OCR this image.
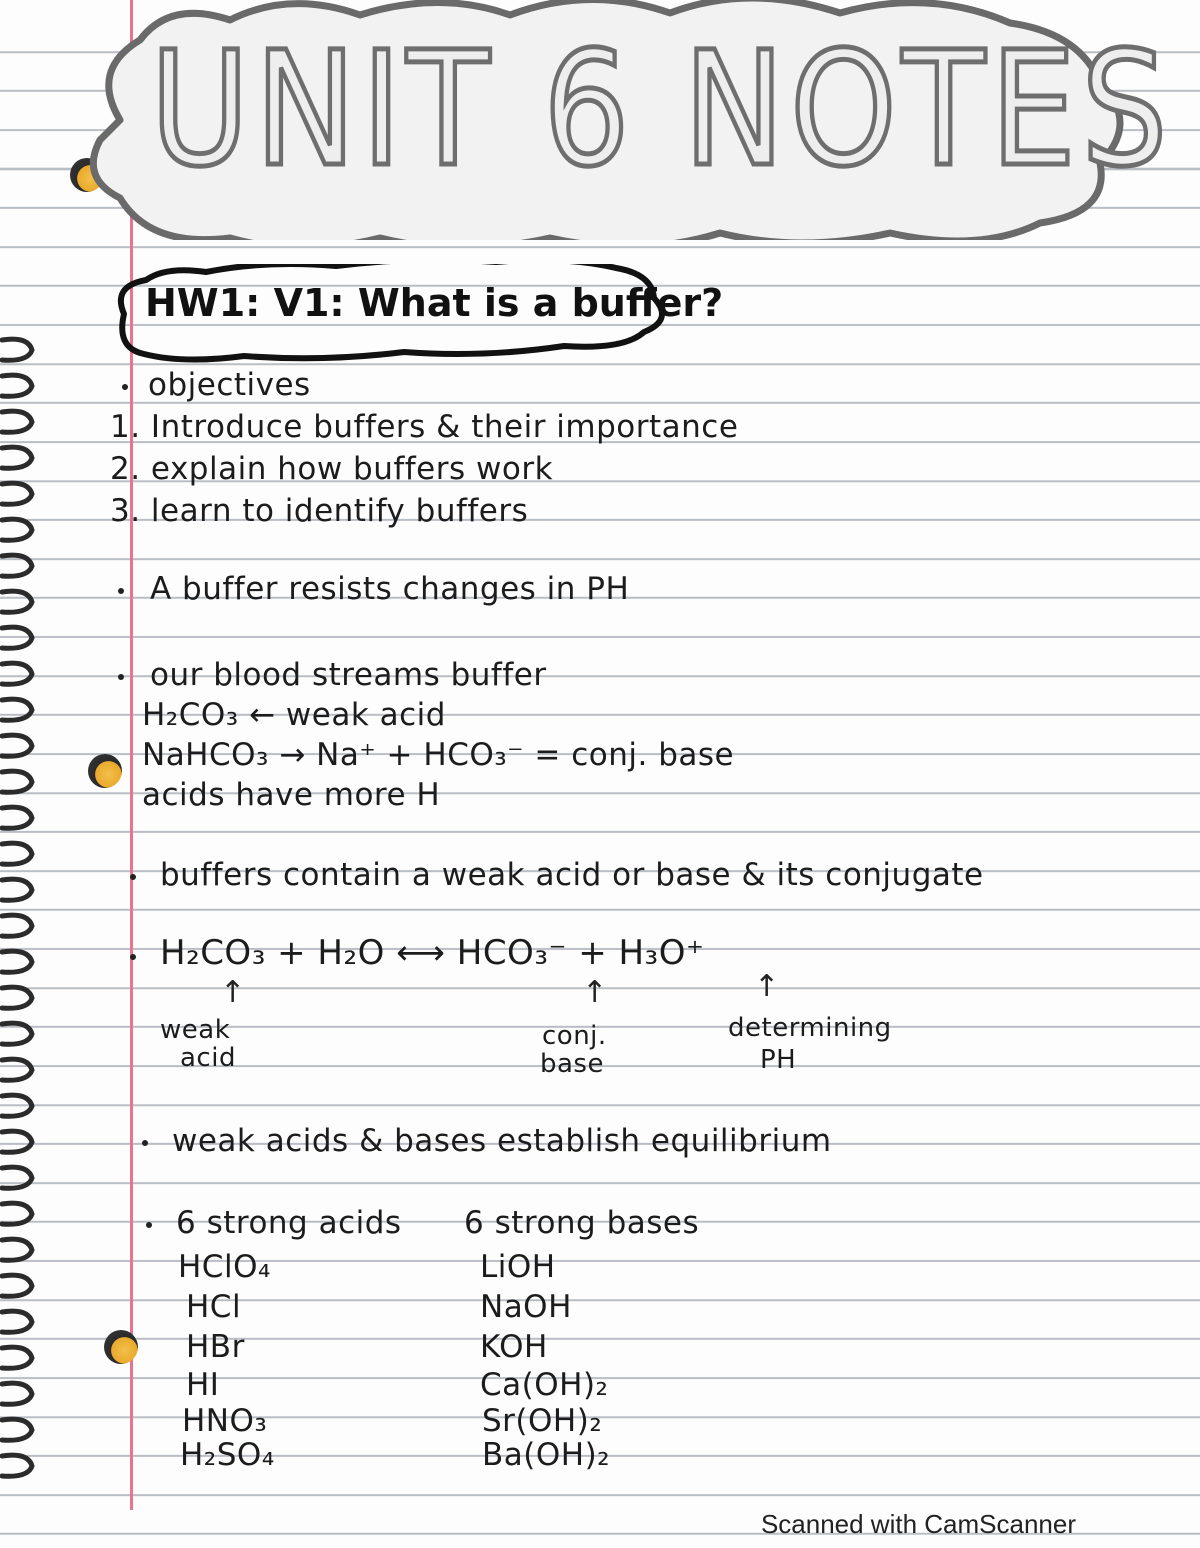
UNIT 6 NOTES
HW1: V1: What is a buffer?
objectives
1. Introduce buffers & their importance
2. explain how buffers work
3. learn to identify buffers
A buffer resists changes in PH
our blood streams buffer
H₂CO₃ ← weak acid
NaHCO₃ → Na⁺ + HCO₃⁻ = conj. base
acids have more H
buffers contain a weak acid or base & its conjugate
H₂CO₃ + H₂O ⟷ HCO₃⁻ + H₃O⁺
↑	↑	↑
weak
acid
conj.
base
determining
PH
weak acids & bases establish equilibrium
6 strong acids
HClO₄
HCl
HBr
HI
HNO₃
H₂SO₄
6 strong bases
LiOH
NaOH
KOH
Ca(OH)₂
Sr(OH)₂
Ba(OH)₂
Scanned with CamScanner
